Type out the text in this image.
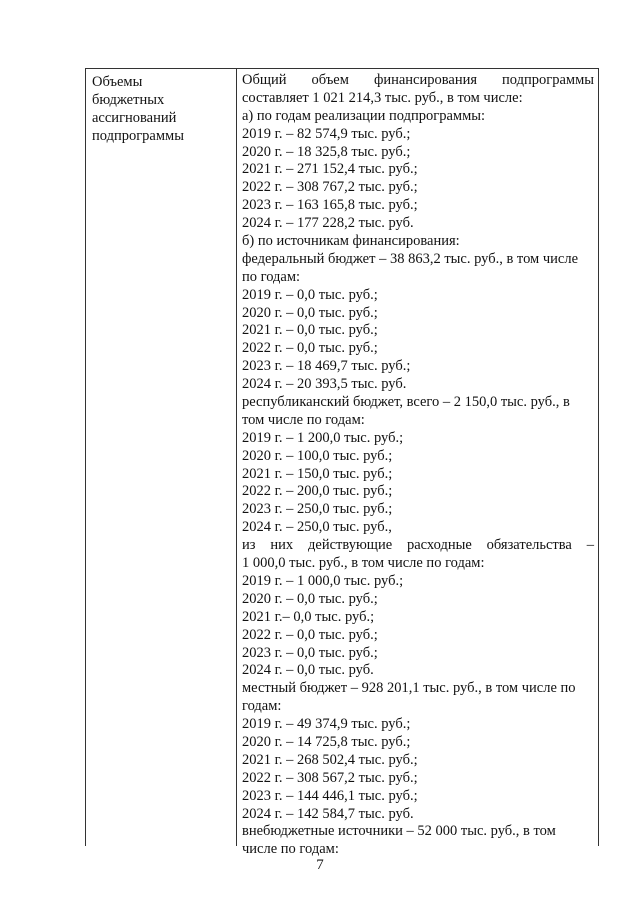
Объемы
бюджетных
ассигнований
подпрограммы
Общий объем финансирования подпрограммы
составляет 1 021 214,3 тыс. руб., в том числе:
а) по годам реализации подпрограммы:
2019 г. – 82 574,9 тыс. руб.;
2020 г. – 18 325,8 тыс. руб.;
2021 г. – 271 152,4 тыс. руб.;
2022 г. – 308 767,2 тыс. руб.;
2023 г. – 163 165,8 тыс. руб.;
2024 г. – 177 228,2 тыс. руб.
б) по источникам финансирования:
федеральный бюджет – 38 863,2 тыс. руб., в том числе
по годам:
2019 г. – 0,0 тыс. руб.;
2020 г. – 0,0 тыс. руб.;
2021 г. – 0,0 тыс. руб.;
2022 г. – 0,0 тыс. руб.;
2023 г. – 18 469,7 тыс. руб.;
2024 г. – 20 393,5 тыс. руб.
республиканский бюджет, всего – 2 150,0 тыс. руб., в
том числе по годам:
2019 г. – 1 200,0 тыс. руб.;
2020 г. – 100,0 тыс. руб.;
2021 г. – 150,0 тыс. руб.;
2022 г. – 200,0 тыс. руб.;
2023 г. – 250,0 тыс. руб.;
2024 г. – 250,0 тыс. руб.,
из них действующие расходные обязательства –
1 000,0 тыс. руб., в том числе по годам:
2019 г. – 1 000,0 тыс. руб.;
2020 г. – 0,0 тыс. руб.;
2021 г.– 0,0 тыс. руб.;
2022 г. – 0,0 тыс. руб.;
2023 г. – 0,0 тыс. руб.;
2024 г. – 0,0 тыс. руб.
местный бюджет – 928 201,1 тыс. руб., в том числе по
годам:
2019 г. – 49 374,9 тыс. руб.;
2020 г. – 14 725,8 тыс. руб.;
2021 г. – 268 502,4 тыс. руб.;
2022 г. – 308 567,2 тыс. руб.;
2023 г. – 144 446,1 тыс. руб.;
2024 г. – 142 584,7 тыс. руб.
внебюджетные источники – 52 000 тыс. руб., в том
числе по годам:
7
